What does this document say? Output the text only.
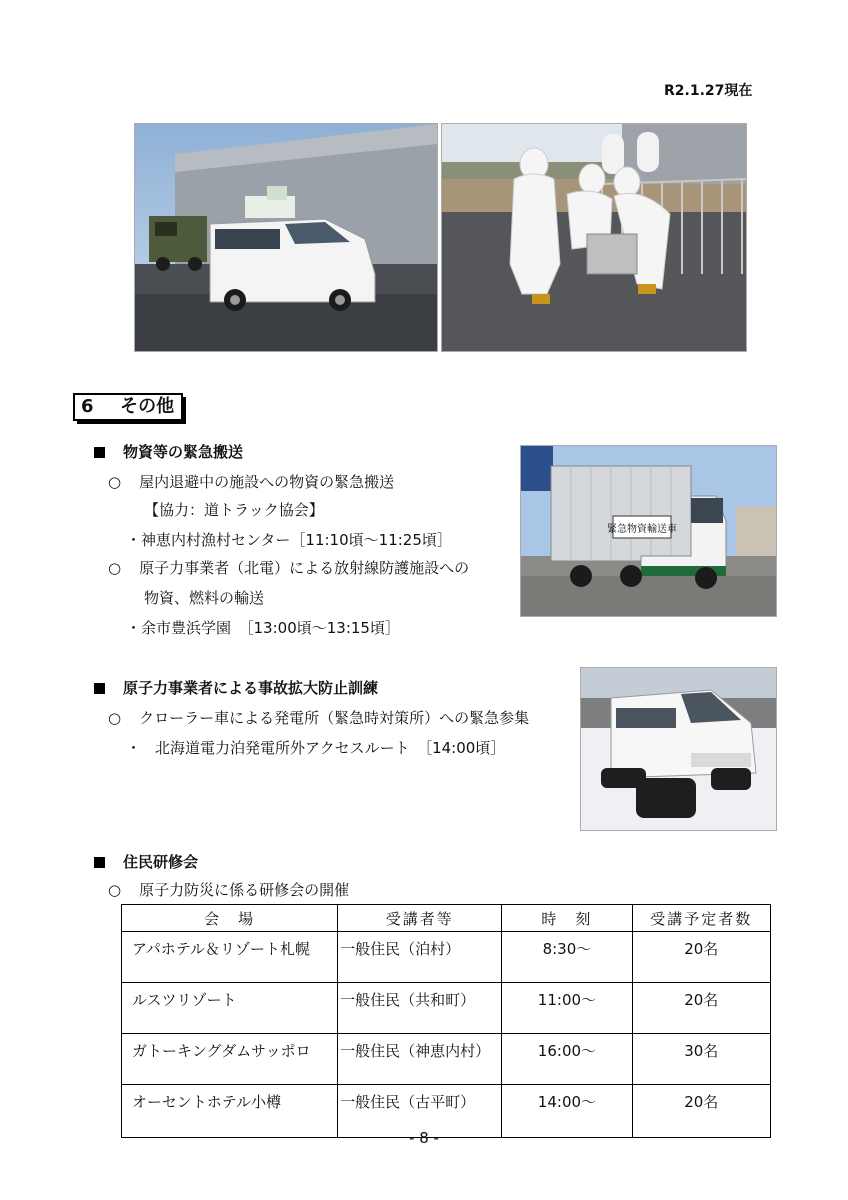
R2.1.27現在
6 その他
物資等の緊急搬送
○ 屋内退避中の施設への物資の緊急搬送
【協力：道トラック協会】
・神恵内村漁村センター［11:10頃～11:25頃］
○ 原子力事業者（北電）による放射線防護施設への
物資、燃料の輸送
・余市豊浜学園　［13:00頃～13:15頃］
緊急物資輸送車
原子力事業者による事故拡大防止訓練
○ クローラー車による発電所（緊急時対策所）への緊急参集
・ 北海道電力泊発電所外アクセスルート　［14:00頃］
住民研修会
○ 原子力防災に係る研修会の開催
会　場	受講者等	時　刻	受講予定者数
アパホテル＆リゾート札幌	一般住民（泊村）	8:30～	20名
ルスツリゾート	一般住民（共和町）	11:00～	20名
ガトーキングダムサッポロ	一般住民（神恵内村）	16:00～	30名
オーセントホテル小樽	一般住民（古平町）	14:00～	20名
- 8 -
